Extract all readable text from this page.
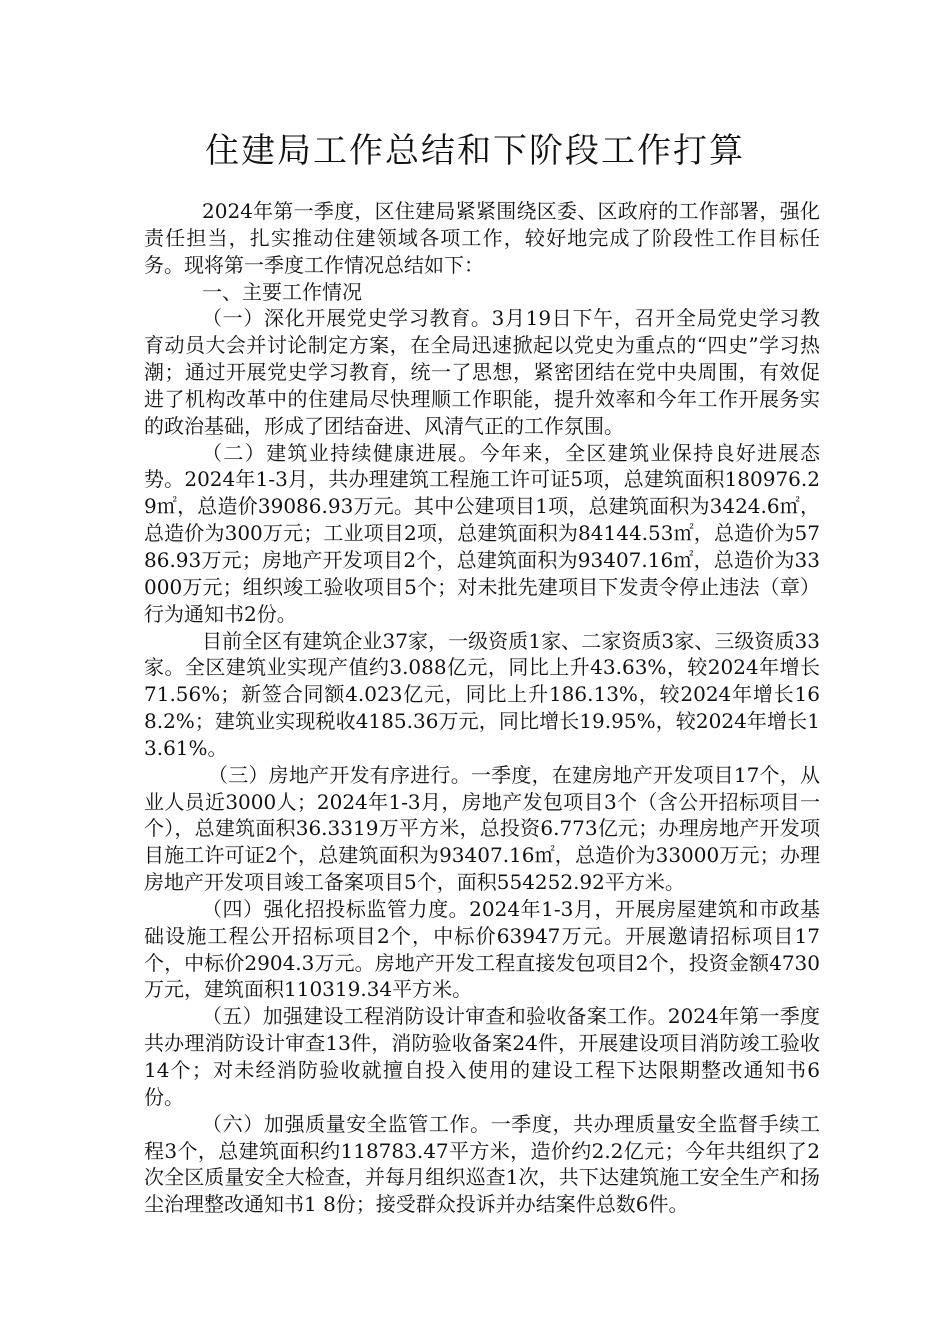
住建局工作总结和下阶段工作打算

2024年第一季度，区住建局紧紧围绕区委、区政府的工作部署，强化责任担当，扎实推动住建领域各项工作，较好地完成了阶段性工作目标任务。现将第一季度工作情况总结如下：

一、主要工作情况

（一）深化开展党史学习教育。3月19日下午，召开全局党史学习教育动员大会并讨论制定方案，在全局迅速掀起以党史为重点的“四史”学习热潮；通过开展党史学习教育，统一了思想，紧密团结在党中央周围，有效促进了机构改革中的住建局尽快理顺工作职能，提升效率和今年工作开展务实的政治基础，形成了团结奋进、风清气正的工作氛围。

（二）建筑业持续健康进展。今年来，全区建筑业保持良好进展态势。2024年1-3月，共办理建筑工程施工许可证5项，总建筑面积180976.29㎡，总造价39086.93万元。其中公建项目1项，总建筑面积为3424.6㎡，总造价为300万元；工业项目2项，总建筑面积为84144.53㎡，总造价为5786.93万元；房地产开发项目2个，总建筑面积为93407.16㎡，总造价为33000万元；组织竣工验收项目5个；对未批先建项目下发责令停止违法（章）行为通知书2份。

目前全区有建筑企业37家，一级资质1家、二家资质3家、三级资质33家。全区建筑业实现产值约3.088亿元，同比上升43.63%，较2024年增长71.56%；新签合同额4.023亿元，同比上升186.13%，较2024年增长168.2%；建筑业实现税收4185.36万元，同比增长19.95%，较2024年增长13.61%。

（三）房地产开发有序进行。一季度，在建房地产开发项目17个，从业人员近3000人；2024年1-3月，房地产发包项目3个（含公开招标项目一个），总建筑面积36.3319万平方米，总投资6.773亿元；办理房地产开发项目施工许可证2个，总建筑面积为93407.16㎡，总造价为33000万元；办理房地产开发项目竣工备案项目5个，面积554252.92平方米。

（四）强化招投标监管力度。2024年1-3月，开展房屋建筑和市政基础设施工程公开招标项目2个，中标价63947万元。开展邀请招标项目17个，中标价2904.3万元。房地产开发工程直接发包项目2个，投资金额4730万元，建筑面积110319.34平方米。

（五）加强建设工程消防设计审查和验收备案工作。2024年第一季度共办理消防设计审查13件，消防验收备案24件，开展建设项目消防竣工验收14个；对未经消防验收就擅自投入使用的建设工程下达限期整改通知书6份。

（六）加强质量安全监管工作。一季度，共办理质量安全监督手续工程3个，总建筑面积约118783.47平方米，造价约2.2亿元；今年共组织了2次全区质量安全大检查，并每月组织巡查1次，共下达建筑施工安全生产和扬尘治理整改通知书1 8份；接受群众投诉并办结案件总数6件。
